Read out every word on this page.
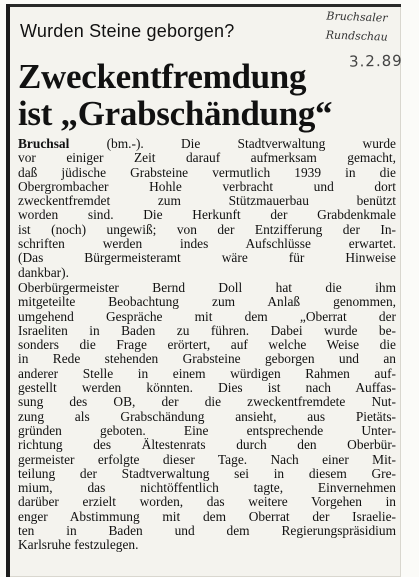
Wurden Steine geborgen?
Bruchsaler
Rundschau
3.2.89
Zweckentfremdung
ist „Grabschändung“

Bruchsal (bm.-). Die Stadtverwaltung wurde
vor einiger Zeit darauf aufmerksam gemacht,
daß jüdische Grabsteine vermutlich 1939 in die
Obergrombacher Hohle verbracht und dort
zweckentfremdet zum Stützmauerbau benützt
worden sind. Die Herkunft der Grabdenkmale
ist (noch) ungewiß; von der Entzifferung der In-
schriften werden indes Aufschlüsse erwartet.
(Das Bürgermeisteramt wäre für Hinweise
dankbar).

Oberbürgermeister Bernd Doll hat die ihm
mitgeteilte Beobachtung zum Anlaß genommen,
umgehend Gespräche mit dem „Oberrat der
Israeliten in Baden zu führen. Dabei wurde be-
sonders die Frage erörtert, auf welche Weise die
in Rede stehenden Grabsteine geborgen und an
anderer Stelle in einem würdigen Rahmen auf-
gestellt werden könnten. Dies ist nach Auffas-
sung des OB, der die zweckentfremdete Nut-
zung als Grabschändung ansieht, aus Pietäts-
gründen geboten. Eine entsprechende Unter-
richtung des Ältestenrats durch den Oberbür-
germeister erfolgte dieser Tage. Nach einer Mit-
teilung der Stadtverwaltung sei in diesem Gre-
mium, das nichtöffentlich tagte, Einvernehmen
darüber erzielt worden, das weitere Vorgehen in
enger Abstimmung mit dem Oberrat der Israelie-
ten in Baden und dem Regierungspräsidium
Karlsruhe festzulegen.
